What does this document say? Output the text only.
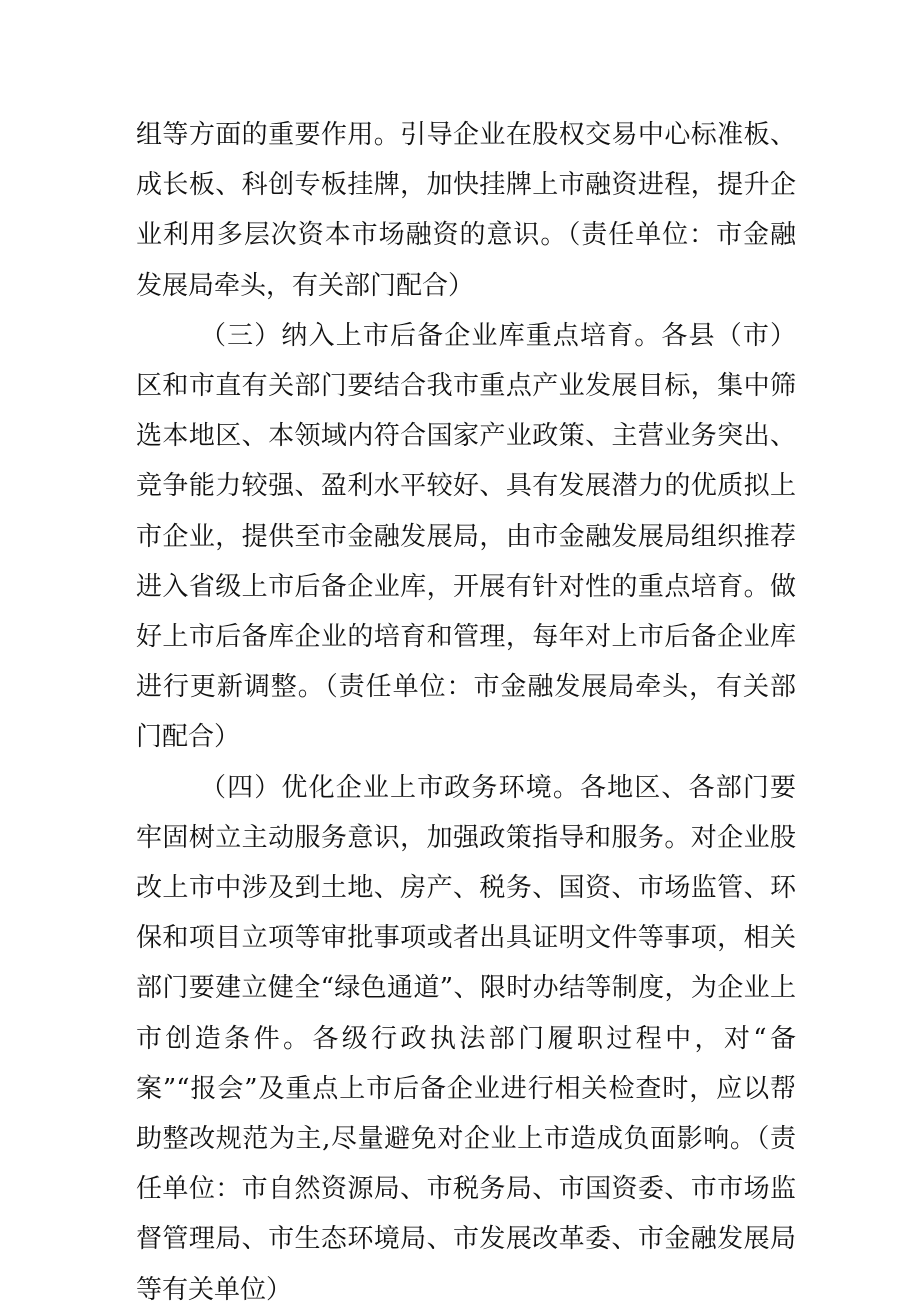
组等方面的重要作用。引导企业在股权交易中心标准板、成长板、科创专板挂牌，加快挂牌上市融资进程，提升企业利用多层次资本市场融资的意识。（责任单位：市金融发展局牵头，有关部门配合）

（三）纳入上市后备企业库重点培育。各县（市）区和市直有关部门要结合我市重点产业发展目标，集中筛选本地区、本领域内符合国家产业政策、主营业务突出、竞争能力较强、盈利水平较好、具有发展潜力的优质拟上市企业，提供至市金融发展局，由市金融发展局组织推荐进入省级上市后备企业库，开展有针对性的重点培育。做好上市后备库企业的培育和管理，每年对上市后备企业库进行更新调整。（责任单位：市金融发展局牵头，有关部门配合）

（四）优化企业上市政务环境。各地区、各部门要牢固树立主动服务意识，加强政策指导和服务。对企业股改上市中涉及到土地、房产、税务、国资、市场监管、环保和项目立项等审批事项或者出具证明文件等事项，相关部门要建立健全“绿色通道”、限时办结等制度，为企业上市创造条件。各级行政执法部门履职过程中，对“备案”“报会”及重点上市后备企业进行相关检查时，应以帮助整改规范为主,尽量避免对企业上市造成负面影响。（责任单位：市自然资源局、市税务局、市国资委、市市场监督管理局、市生态环境局、市发展改革委、市金融发展局等有关单位）
